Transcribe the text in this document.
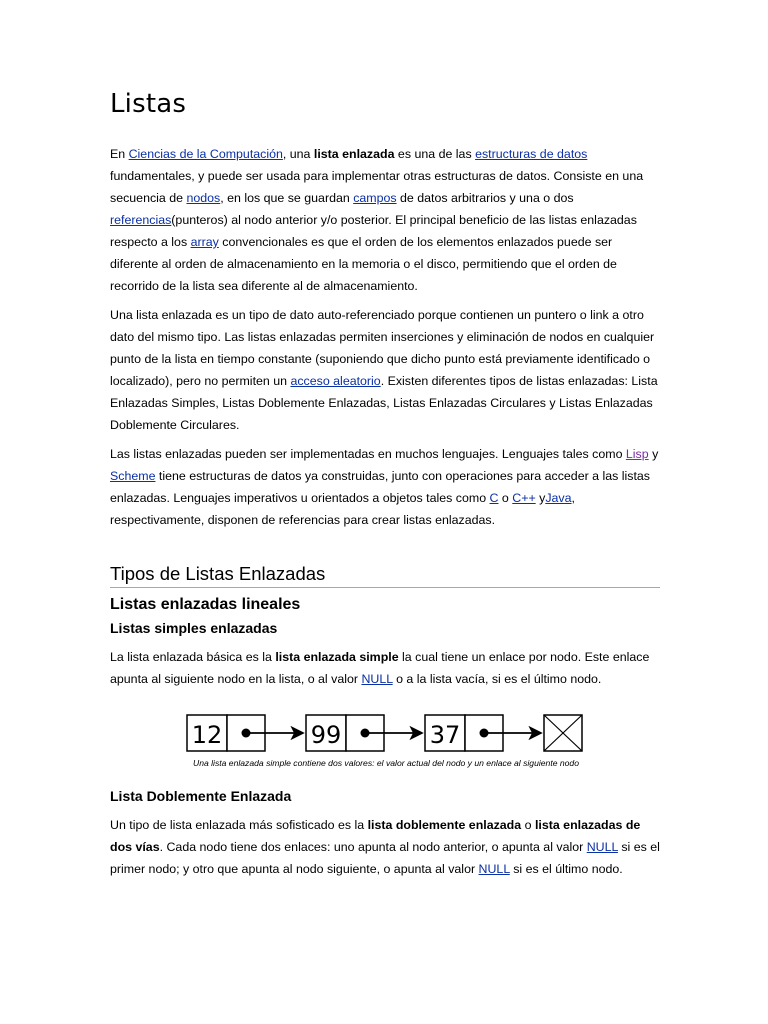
Listas

En Ciencias de la Computación, una lista enlazada es una de las estructuras de datos fundamentales, y puede ser usada para implementar otras estructuras de datos. Consiste en una secuencia de nodos, en los que se guardan campos de datos arbitrarios y una o dos referencias(punteros) al nodo anterior y/o posterior. El principal beneficio de las listas enlazadas respecto a los array convencionales es que el orden de los elementos enlazados puede ser diferente al orden de almacenamiento en la memoria o el disco, permitiendo que el orden de recorrido de la lista sea diferente al de almacenamiento.

Una lista enlazada es un tipo de dato auto-referenciado porque contienen un puntero o link a otro dato del mismo tipo. Las listas enlazadas permiten inserciones y eliminación de nodos en cualquier punto de la lista en tiempo constante (suponiendo que dicho punto está previamente identificado o localizado), pero no permiten un acceso aleatorio. Existen diferentes tipos de listas enlazadas: Lista Enlazadas Simples, Listas Doblemente Enlazadas, Listas Enlazadas Circulares y Listas Enlazadas Doblemente Circulares.

Las listas enlazadas pueden ser implementadas en muchos lenguajes. Lenguajes tales como Lisp y Scheme tiene estructuras de datos ya construidas, junto con operaciones para acceder a las listas enlazadas. Lenguajes imperativos u orientados a objetos tales como C o C++ yJava, respectivamente, disponen de referencias para crear listas enlazadas.

Tipos de Listas Enlazadas
Listas enlazadas lineales
Listas simples enlazadas

La lista enlazada básica es la lista enlazada simple la cual tiene un enlace por nodo. Este enlace apunta al siguiente nodo en la lista, o al valor NULL o a la lista vacía, si es el último nodo.

12	99	37

Una lista enlazada simple contiene dos valores: el valor actual del nodo y un enlace al siguiente nodo

Lista Doblemente Enlazada

Un tipo de lista enlazada más sofisticado es la lista doblemente enlazada o lista enlazadas de dos vías. Cada nodo tiene dos enlaces: uno apunta al nodo anterior, o apunta al valor NULL si es el primer nodo; y otro que apunta al nodo siguiente, o apunta al valor NULL si es el último nodo.
